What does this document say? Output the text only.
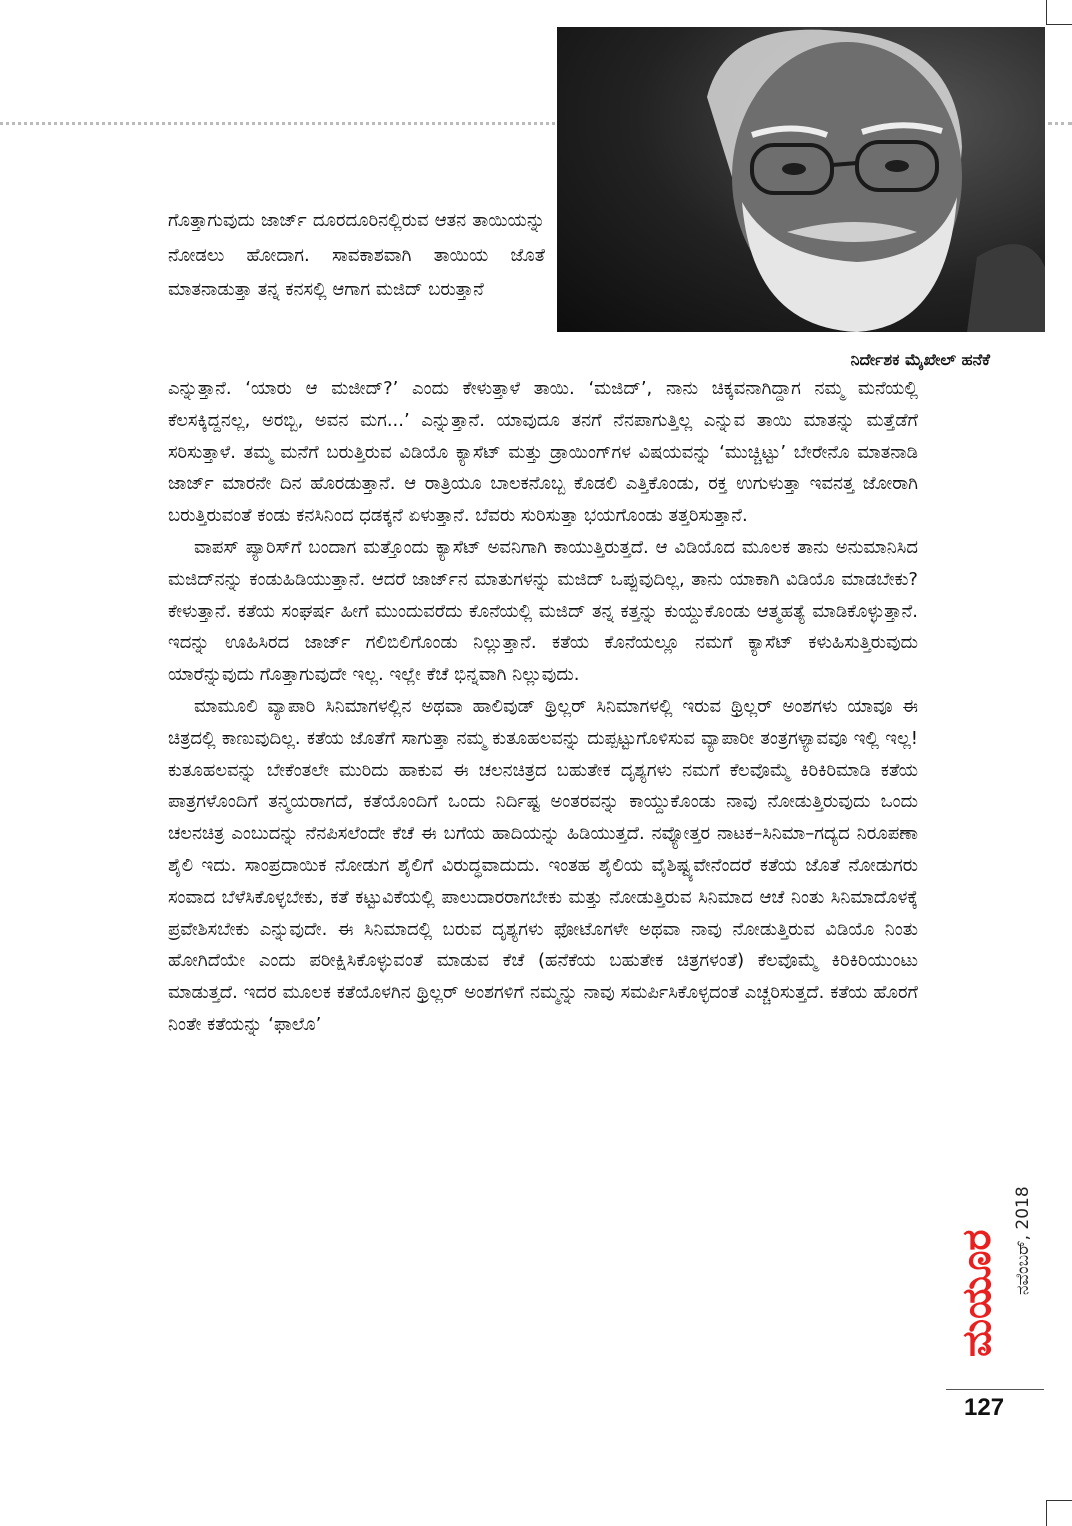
ನಿರ್ದೇಶಕ ಮೈಖೇಲ್ ಹನೆಕೆ
ಗೊತ್ತಾಗುವುದು ಜಾರ್ಜ್ ದೂರದೂರಿನಲ್ಲಿರುವ ಆತನ ತಾಯಿಯನ್ನು ನೋಡಲು ಹೋದಾಗ. ಸಾವಕಾಶವಾಗಿ ತಾಯಿಯ ಜೊತೆ ಮಾತನಾಡುತ್ತಾ ತನ್ನ ಕನಸಲ್ಲಿ ಆಗಾಗ ಮಜಿದ್ ಬರುತ್ತಾನೆ

ಎನ್ನುತ್ತಾನೆ. ‘ಯಾರು ಆ ಮಜೀದ್?’ ಎಂದು ಕೇಳುತ್ತಾಳೆ ತಾಯಿ. ‘ಮಜಿದ್’, ನಾನು ಚಿಕ್ಕವನಾಗಿದ್ದಾಗ ನಮ್ಮ ಮನೆಯಲ್ಲಿ ಕೆಲಸಕ್ಕಿದ್ದನಲ್ಲ, ಅರಬ್ಬಿ, ಅವನ ಮಗ...’ ಎನ್ನುತ್ತಾನೆ. ಯಾವುದೂ ತನಗೆ ನೆನಪಾಗುತ್ತಿಲ್ಲ ಎನ್ನುವ ತಾಯಿ ಮಾತನ್ನು ಮತ್ತೆಡೆಗೆ ಸರಿಸುತ್ತಾಳೆ. ತಮ್ಮ ಮನೆಗೆ ಬರುತ್ತಿರುವ ವಿಡಿಯೊ ಕ್ಯಾಸೆಟ್ ಮತ್ತು ಡ್ರಾಯಿಂಗ್‌ಗಳ ವಿಷಯವನ್ನು ‘ಮುಚ್ಚಿಟ್ಟು’ ಬೇರೇನೊ ಮಾತನಾಡಿ ಜಾರ್ಜ್ ಮಾರನೇ ದಿನ ಹೊರಡುತ್ತಾನೆ. ಆ ರಾತ್ರಿಯೂ ಬಾಲಕನೊಬ್ಬ ಕೊಡಲಿ ಎತ್ತಿಕೊಂಡು, ರಕ್ತ ಉಗುಳುತ್ತಾ ಇವನತ್ತ ಜೋರಾಗಿ ಬರುತ್ತಿರುವಂತೆ ಕಂಡು ಕನಸಿನಿಂದ ಧಡಕ್ಕನೆ ಏಳುತ್ತಾನೆ. ಬೆವರು ಸುರಿಸುತ್ತಾ ಭಯಗೊಂಡು ತತ್ತರಿಸುತ್ತಾನೆ.

ವಾಪಸ್ ಪ್ಯಾರಿಸ್‌ಗೆ ಬಂದಾಗ ಮತ್ತೊಂದು ಕ್ಯಾಸೆಟ್ ಅವನಿಗಾಗಿ ಕಾಯುತ್ತಿರುತ್ತದೆ. ಆ ವಿಡಿಯೊದ ಮೂಲಕ ತಾನು ಅನುಮಾನಿಸಿದ ಮಜಿದ್‌ನನ್ನು ಕಂಡುಹಿಡಿಯುತ್ತಾನೆ. ಆದರೆ ಜಾರ್ಜ್‌ನ ಮಾತುಗಳನ್ನು ಮಜಿದ್ ಒಪ್ಪುವುದಿಲ್ಲ, ತಾನು ಯಾಕಾಗಿ ವಿಡಿಯೊ ಮಾಡಬೇಕು? ಕೇಳುತ್ತಾನೆ. ಕತೆಯ ಸಂಘರ್ಷ ಹೀಗೆ ಮುಂದುವರೆದು ಕೊನೆಯಲ್ಲಿ ಮಜಿದ್ ತನ್ನ ಕತ್ತನ್ನು ಕುಯ್ದುಕೊಂಡು ಆತ್ಮಹತ್ಯೆ ಮಾಡಿಕೊಳ್ಳುತ್ತಾನೆ. ಇದನ್ನು ಊಹಿಸಿರದ ಜಾರ್ಜ್ ಗಲಿಬಿಲಿಗೊಂಡು ನಿಲ್ಲುತ್ತಾನೆ. ಕತೆಯ ಕೊನೆಯಲ್ಲೂ ನಮಗೆ ಕ್ಯಾಸೆಟ್ ಕಳುಹಿಸುತ್ತಿರುವುದು ಯಾರೆನ್ನುವುದು ಗೊತ್ತಾಗುವುದೇ ಇಲ್ಲ. ಇಲ್ಲೇ ಕೆಚೆ ಭಿನ್ನವಾಗಿ ನಿಲ್ಲುವುದು.

ಮಾಮೂಲಿ ವ್ಯಾಪಾರಿ ಸಿನಿಮಾಗಳಲ್ಲಿನ ಅಥವಾ ಹಾಲಿವುಡ್ ಥ್ರಿಲ್ಲರ್ ಸಿನಿಮಾಗಳಲ್ಲಿ ಇರುವ ಥ್ರಿಲ್ಲರ್ ಅಂಶಗಳು ಯಾವೂ ಈ ಚಿತ್ರದಲ್ಲಿ ಕಾಣುವುದಿಲ್ಲ. ಕತೆಯ ಜೊತೆಗೆ ಸಾಗುತ್ತಾ ನಮ್ಮ ಕುತೂಹಲವನ್ನು ದುಪ್ಪಟ್ಟುಗೊಳಿಸುವ ವ್ಯಾಪಾರೀ ತಂತ್ರಗಳ್ಯಾವವೂ ಇಲ್ಲಿ ಇಲ್ಲ! ಕುತೂಹಲವನ್ನು ಬೇಕೆಂತಲೇ ಮುರಿದು ಹಾಕುವ ಈ ಚಲನಚಿತ್ರದ ಬಹುತೇಕ ದೃಶ್ಯಗಳು ನಮಗೆ ಕೆಲವೊಮ್ಮೆ ಕಿರಿಕಿರಿಮಾಡಿ ಕತೆಯ ಪಾತ್ರಗಳೊಂದಿಗೆ ತನ್ಮಯರಾಗದೆ, ಕತೆಯೊಂದಿಗೆ ಒಂದು ನಿರ್ದಿಷ್ಟ ಅಂತರವನ್ನು ಕಾಯ್ದುಕೊಂಡು ನಾವು ನೋಡುತ್ತಿರುವುದು ಒಂದು ಚಲನಚಿತ್ರ ಎಂಬುದನ್ನು ನೆನಪಿಸಲೆಂದೇ ಕೆಚೆ ಈ ಬಗೆಯ ಹಾದಿಯನ್ನು ಹಿಡಿಯುತ್ತದೆ. ನವ್ಯೋತ್ತರ ನಾಟಕ–ಸಿನಿಮಾ–ಗದ್ಯದ ನಿರೂಪಣಾ ಶೈಲಿ ಇದು. ಸಾಂಪ್ರದಾಯಿಕ ನೋಡುಗ ಶೈಲಿಗೆ ವಿರುದ್ಧವಾದುದು. ಇಂತಹ ಶೈಲಿಯ ವೈಶಿಷ್ಟ್ಯವೇನೆಂದರೆ ಕತೆಯ ಜೊತೆ ನೋಡುಗರು ಸಂವಾದ ಬೆಳೆಸಿಕೊಳ್ಳಬೇಕು, ಕತೆ ಕಟ್ಟುವಿಕೆಯಲ್ಲಿ ಪಾಲುದಾರರಾಗಬೇಕು ಮತ್ತು ನೋಡುತ್ತಿರುವ ಸಿನಿಮಾದ ಆಚೆ ನಿಂತು ಸಿನಿಮಾದೊಳಕ್ಕೆ ಪ್ರವೇಶಿಸಬೇಕು ಎನ್ನುವುದೇ. ಈ ಸಿನಿಮಾದಲ್ಲಿ ಬರುವ ದೃಶ್ಯಗಳು ಫೋಟೊಗಳೇ ಅಥವಾ ನಾವು ನೋಡುತ್ತಿರುವ ವಿಡಿಯೊ ನಿಂತು ಹೋಗಿದೆಯೇ ಎಂದು ಪರೀಕ್ಷಿಸಿಕೊಳ್ಳುವಂತೆ ಮಾಡುವ ಕೆಚೆ (ಹನೆಕೆಯ ಬಹುತೇಕ ಚಿತ್ರಗಳಂತೆ) ಕೆಲವೊಮ್ಮೆ ಕಿರಿಕಿರಿಯುಂಟು ಮಾಡುತ್ತದೆ. ಇದರ ಮೂಲಕ ಕತೆಯೊಳಗಿನ ಥ್ರಿಲ್ಲರ್ ಅಂಶಗಳಿಗೆ ನಮ್ಮನ್ನು ನಾವು ಸಮರ್ಪಿಸಿಕೊಳ್ಳದಂತೆ ಎಚ್ಚರಿಸುತ್ತದೆ. ಕತೆಯ ಹೊರಗೆ ನಿಂತೇ ಕತೆಯನ್ನು ‘ಫಾಲೊ’

ಮಯೂರ ನವೆಂಬರ್, 2018
127
